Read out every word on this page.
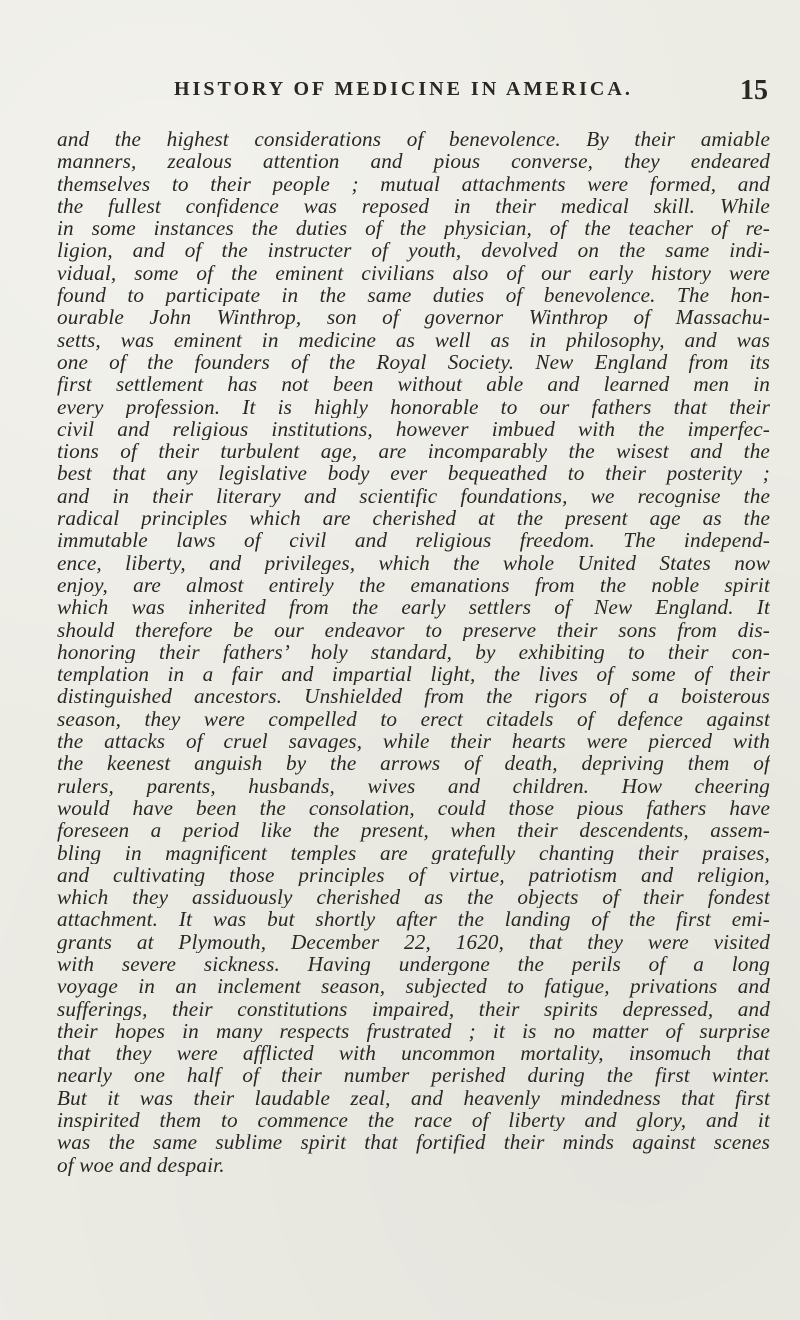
HISTORY OF MEDICINE IN AMERICA.	15
and the highest considerations of benevolence. By their amiable
manners, zealous attention and pious converse, they endeared
themselves to their people ; mutual attachments were formed, and
the fullest confidence was reposed in their medical skill. While
in some instances the duties of the physician, of the teacher of re-
ligion, and of the instructer of youth, devolved on the same indi-
vidual, some of the eminent civilians also of our early history were
found to participate in the same duties of benevolence. The hon-
ourable John Winthrop, son of governor Winthrop of Massachu-
setts, was eminent in medicine as well as in philosophy, and was
one of the founders of the Royal Society. New England from its
first settlement has not been without able and learned men in
every profession. It is highly honorable to our fathers that their
civil and religious institutions, however imbued with the imperfec-
tions of their turbulent age, are incomparably the wisest and the
best that any legislative body ever bequeathed to their posterity ;
and in their literary and scientific foundations, we recognise the
radical principles which are cherished at the present age as the
immutable laws of civil and religious freedom. The independ-
ence, liberty, and privileges, which the whole United States now
enjoy, are almost entirely the emanations from the noble spirit
which was inherited from the early settlers of New England. It
should therefore be our endeavor to preserve their sons from dis-
honoring their fathers’ holy standard, by exhibiting to their con-
templation in a fair and impartial light, the lives of some of their
distinguished ancestors. Unshielded from the rigors of a boisterous
season, they were compelled to erect citadels of defence against
the attacks of cruel savages, while their hearts were pierced with
the keenest anguish by the arrows of death, depriving them of
rulers, parents, husbands, wives and children. How cheering
would have been the consolation, could those pious fathers have
foreseen a period like the present, when their descendents, assem-
bling in magnificent temples are gratefully chanting their praises,
and cultivating those principles of virtue, patriotism and religion,
which they assiduously cherished as the objects of their fondest
attachment. It was but shortly after the landing of the first emi-
grants at Plymouth, December 22, 1620, that they were visited
with severe sickness. Having undergone the perils of a long
voyage in an inclement season, subjected to fatigue, privations and
sufferings, their constitutions impaired, their spirits depressed, and
their hopes in many respects frustrated ; it is no matter of surprise
that they were afflicted with uncommon mortality, insomuch that
nearly one half of their number perished during the first winter.
But it was their laudable zeal, and heavenly mindedness that first
inspirited them to commence the race of liberty and glory, and it
was the same sublime spirit that fortified their minds against scenes
of woe and despair.
